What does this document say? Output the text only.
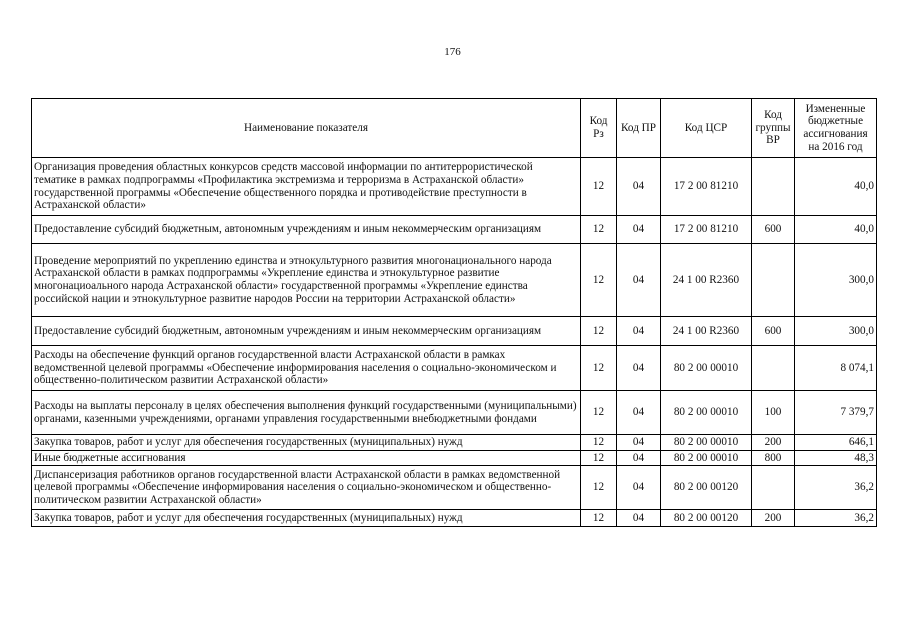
176
Наименование показателя	Код Рз	Код ПР	Код ЦСР	Код группы ВР	Измененные бюджетные ассигнования на 2016 год
Организация проведения областных конкурсов средств массовой информации по антитеррористической тематике в рамках подпрограммы «Профилактика экстремизма и терроризма в Астраханской области» государственной программы «Обеспечение общественного порядка и противодействие преступности в Астраханской области»	12	04	17 2 00 81210		40,0
Предоставление субсидий бюджетным, автономным учреждениям и иным некоммерческим организациям	12	04	17 2 00 81210	600	40,0
Проведение мероприятий по укреплению единства и этнокультурного развития многонационального народа Астраханской области в рамках подпрограммы «Укрепление единства и этнокультурное развитие многонациоального народа Астраханской области» государственной программы «Укрепление единства российской нации и этнокультурное развитие народов России на территории Астраханской области»	12	04	24 1 00 R2360		300,0
Предоставление субсидий бюджетным, автономным учреждениям и иным некоммерческим организациям	12	04	24 1 00 R2360	600	300,0
Расходы на обеспечение функций органов государственной власти Астраханской области в рамках ведомственной целевой программы «Обеспечение информирования населения о социально-экономическом и общественно-политическом развитии Астраханской области»	12	04	80 2 00 00010		8 074,1
Расходы на выплаты персоналу в целях обеспечения выполнения функций государственными (муниципальными) органами, казенными учреждениями, органами управления государственными внебюджетными фондами	12	04	80 2 00 00010	100	7 379,7
Закупка товаров, работ и услуг для обеспечения государственных (муниципальных) нужд	12	04	80 2 00 00010	200	646,1
Иные бюджетные ассигнования	12	04	80 2 00 00010	800	48,3
Диспансеризация работников органов государственной власти Астраханской области в рамках ведомственной целевой программы «Обеспечение информирования населения о социально-экономическом и общественно-политическом развитии Астраханской области»	12	04	80 2 00 00120		36,2
Закупка товаров, работ и услуг для обеспечения государственных (муниципальных) нужд	12	04	80 2 00 00120	200	36,2
